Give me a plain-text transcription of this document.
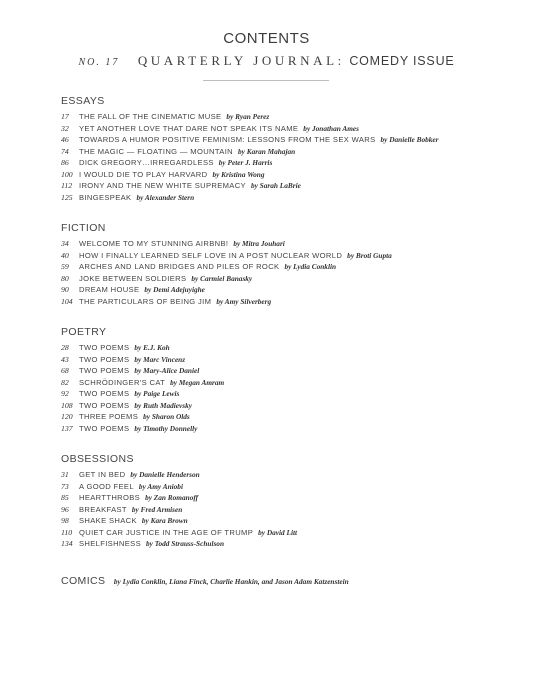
CONTENTS
NO. 17 QUARTERLY JOURNAL: COMEDY ISSUE
ESSAYS
17 THE FALL OF THE CINEMATIC MUSE by Ryan Perez
32 YET ANOTHER LOVE THAT DARE NOT SPEAK ITS NAME by Jonathan Ames
46 TOWARDS A HUMOR POSITIVE FEMINISM: LESSONS FROM THE SEX WARS by Danielle Bobker
74 THE MAGIC — FLOATING — MOUNTAIN by Karan Mahajan
86 DICK GREGORY…IRREGARDLESS by Peter J. Harris
100 I WOULD DIE TO PLAY HARVARD by Kristina Wong
112 IRONY AND THE NEW WHITE SUPREMACY by Sarah LaBrie
125 BINGESPEAK by Alexander Stern
FICTION
34 WELCOME TO MY STUNNING AIRBNB! by Mitra Jouhari
40 HOW I FINALLY LEARNED SELF LOVE IN A POST NUCLEAR WORLD by Broti Gupta
59 ARCHES AND LAND BRIDGES AND PILES OF ROCK by Lydia Conklin
80 JOKE BETWEEN SOLDIERS by Carmiel Banasky
90 DREAM HOUSE by Demi Adejuyighe
104 THE PARTICULARS OF BEING JIM by Amy Silverberg
POETRY
28 TWO POEMS by E.J. Koh
43 TWO POEMS by Marc Vincenz
68 TWO POEMS by Mary-Alice Daniel
82 SCHRÖDINGER'S CAT by Megan Amram
92 TWO POEMS by Paige Lewis
108 TWO POEMS by Ruth Madievsky
120 THREE POEMS by Sharon Olds
137 TWO POEMS by Timothy Donnelly
OBSESSIONS
31 GET IN BED by Danielle Henderson
73 A GOOD FEEL by Amy Aniobi
85 HEARTTHROBS by Zan Romanoff
96 BREAKFAST by Fred Armisen
98 SHAKE SHACK by Kara Brown
110 QUIET CAR JUSTICE IN THE AGE OF TRUMP by David Litt
134 SHELFISHNESS by Todd Strauss-Schulson
COMICS by Lydia Conklin, Liana Finck, Charlie Hankin, and Jason Adam Katzenstein
